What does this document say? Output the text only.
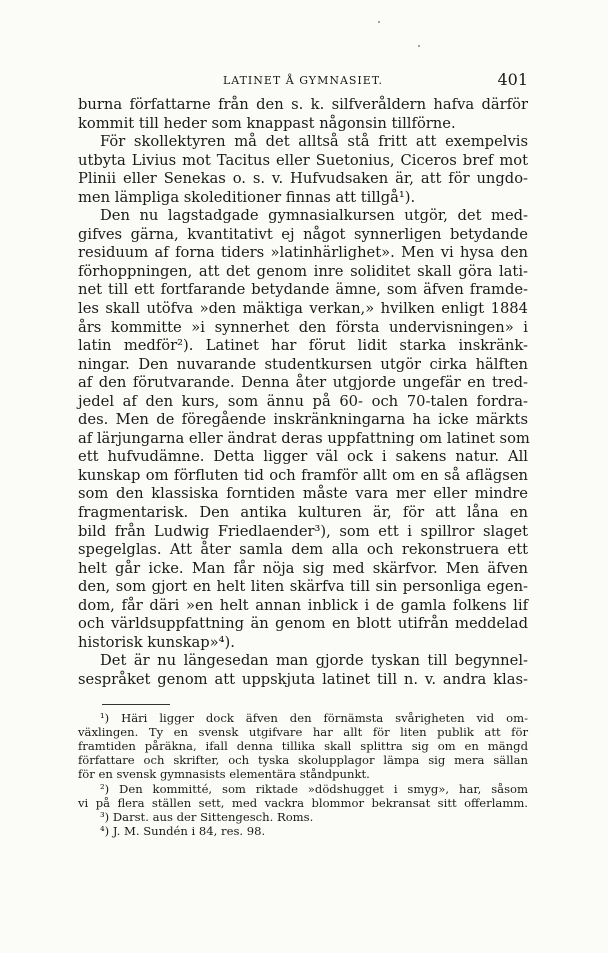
LATINET Å GYMNASIET.	401
burna författarne från den s. k. silfveråldern hafva därför
kommit till heder som knappast någonsin tillförne.
För skollektyren må det alltså stå fritt att exempelvis
utbyta Livius mot Tacitus eller Suetonius, Ciceros bref mot
Plinii eller Senekas o. s. v. Hufvudsaken är, att för ungdo-
men lämpliga skoleditioner finnas att tillgå¹).
Den nu lagstadgade gymnasialkursen utgör, det med-
gifves gärna, kvantitativt ej något synnerligen betydande
residuum af forna tiders »latinhärlighet». Men vi hysa den
förhoppningen, att det genom inre soliditet skall göra lati-
net till ett fortfarande betydande ämne, som äfven framde-
les skall utöfva »den mäktiga verkan,» hvilken enligt 1884
års kommitte »i synnerhet den första undervisningen» i
latin medför²). Latinet har förut lidit starka inskränk-
ningar. Den nuvarande studentkursen utgör cirka hälften
af den förutvarande. Denna åter utgjorde ungefär en tred-
jedel af den kurs, som ännu på 60- och 70-talen fordra-
des. Men de föregående inskränkningarna ha icke märkts
af lärjungarna eller ändrat deras uppfattning om latinet som
ett hufvudämne. Detta ligger väl ock i sakens natur. All
kunskap om förfluten tid och framför allt om en så aflägsen
som den klassiska forntiden måste vara mer eller mindre
fragmentarisk. Den antika kulturen är, för att låna en
bild från Ludwig Friedlaender³), som ett i spillror slaget
spegelglas. Att åter samla dem alla och rekonstruera ett
helt går icke. Man får nöja sig med skärfvor. Men äfven
den, som gjort en helt liten skärfva till sin personliga egen-
dom, får däri »en helt annan inblick i de gamla folkens lif
och världsuppfattning än genom en blott utifrån meddelad
historisk kunskap»⁴).
Det är nu längesedan man gjorde tyskan till begynnel-
sespråket genom att uppskjuta latinet till n. v. andra klas-
¹) Häri ligger dock äfven den förnämsta svårigheten vid om-
växlingen. Ty en svensk utgifvare har allt för liten publik att för
framtiden påräkna, ifall denna tillika skall splittra sig om en mängd
författare och skrifter, och tyska skolupplagor lämpa sig mera sällan
för en svensk gymnasists elementära ståndpunkt.
²) Den kommitté, som riktade »dödshugget i smyg», har, såsom
vi på flera ställen sett, med vackra blommor bekransat sitt offerlamm.
³) Darst. aus der Sittengesch. Roms.
⁴) J. M. Sundén i 84, res. 98.
